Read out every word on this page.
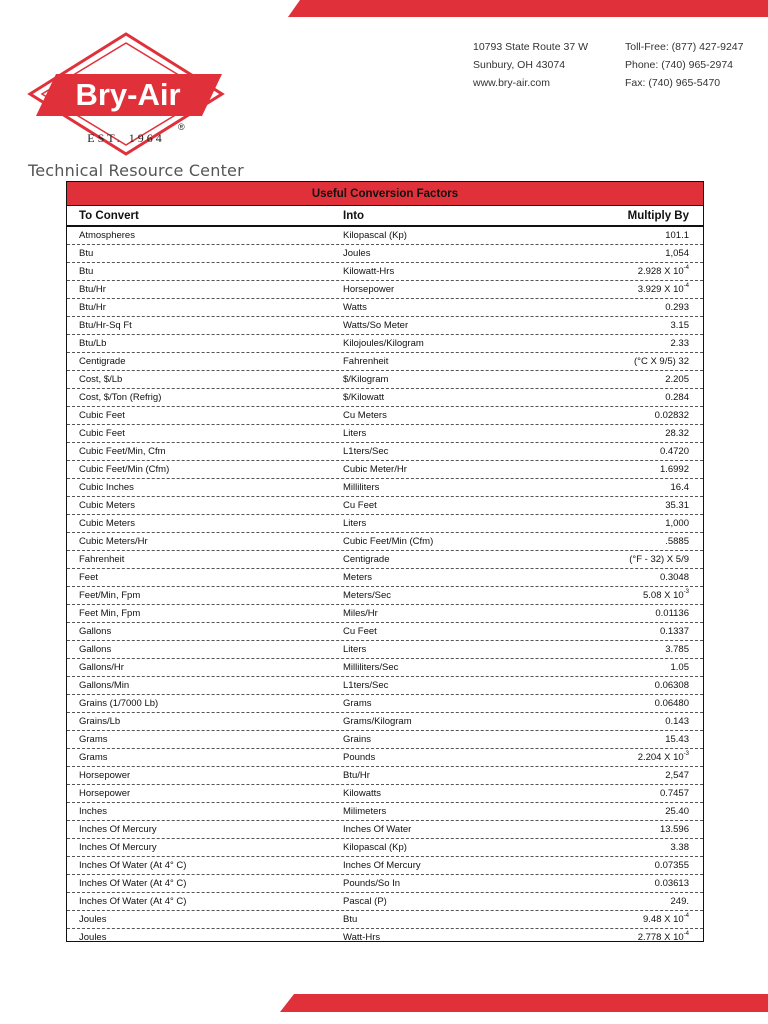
Bry-Air
EST. 1964
®
Technical Resource Center
10793 State Route 37 W
Sunbury, OH 43074
www.bry-air.com
Toll-Free: (877) 427-9247
Phone: (740) 965-2974
Fax: (740) 965-5470
Useful Conversion Factors
To Convert	Into	Multiply By
Atmospheres	Kilopascal (Kp)	101.1
Btu	Joules	1,054
Btu	Kilowatt-Hrs	2.928 X $10^{-4}$
Btu/Hr	Horsepower	3.929 X $10^{-4}$
Btu/Hr	Watts	0.293
Btu/Hr-Sq Ft	Watts/So Meter	3.15
Btu/Lb	Kilojoules/Kilogram	2.33
Centigrade	Fahrenheit	(°C X 9/5) 32
Cost, $/Lb	$/Kilogram	2.205
Cost, $/Ton (Refrig)	$/Kilowatt	0.284
Cubic Feet	Cu Meters	0.02832
Cubic Feet	Liters	28.32
Cubic Feet/Min, Cfm	L1ters/Sec	0.4720
Cubic Feet/Min (Cfm)	Cubic Meter/Hr	1.6992
Cubic Inches	Milliliters	16.4
Cubic Meters	Cu Feet	35.31
Cubic Meters	Liters	1,000
Cubic Meters/Hr	Cubic Feet/Min (Cfm)	.5885
Fahrenheit	Centigrade	(°F - 32) X 5/9
Feet	Meters	0.3048
Feet/Min, Fpm	Meters/Sec	5.08 X $10^{-3}$
Feet Min, Fpm	Miles/Hr	0.01136
Gallons	Cu Feet	0.1337
Gallons	Liters	3.785
Gallons/Hr	Milliliters/Sec	1.05
Gallons/Min	L1ters/Sec	0.06308
Grains (1/7000 Lb)	Grams	0.06480
Grains/Lb	Grams/Kilogram	0.143
Grams	Grains	15.43
Grams	Pounds	2.204 X $10^{-3}$
Horsepower	Btu/Hr	2,547
Horsepower	Kilowatts	0.7457
Inches	Milimeters	25.40
Inches Of Mercury	Inches Of Water	13.596
Inches Of Mercury	Kilopascal (Kp)	3.38
Inches Of Water (At 4° C)	Inches Of Mercury	0.07355
Inches Of Water (At 4° C)	Pounds/So In	0.03613
Inches Of Water (At 4° C)	Pascal (P)	249.
Joules	Btu	9.48 X $10^{-4}$
Joules	Watt-Hrs	2.778 X $10^{-4}$
